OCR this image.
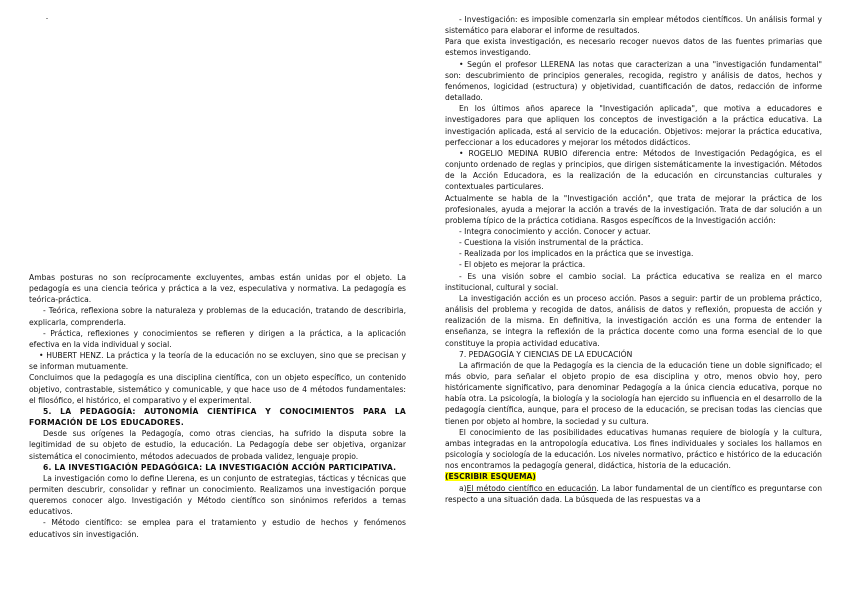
Ambas posturas no son recíprocamente excluyentes, ambas están unidas por el objeto. La pedagogía es una ciencia teórica y práctica a la vez, especulativa y normativa. La pedagogía es teórica-práctica.

- Teórica, reflexiona sobre la naturaleza y problemas de la educación, tratando de describirla, explicarla, comprenderla.

- Práctica, reflexiones y conocimientos se refieren y dirigen a la práctica, a la aplicación efectiva en la vida individual y social.

• HUBERT HENZ. La práctica y la teoría de la educación no se excluyen, sino que se precisan y se informan mutuamente.

Concluimos que la pedagogía es una disciplina científica, con un objeto específico, un contenido objetivo, contrastable, sistemático y comunicable, y que hace uso de 4 métodos fundamentales: el filosófico, el histórico, el comparativo y el experimental.

5. LA PEDAGOGÍA: AUTONOMÍA CIENTÍFICA Y CONOCIMIENTOS PARA LA FORMACIÓN DE LOS EDUCADORES.

Desde sus orígenes la Pedagogía, como otras ciencias, ha sufrido la disputa sobre la legitimidad de su objeto de estudio, la educación. La Pedagogía debe ser objetiva, organizar sistemática el conocimiento, métodos adecuados de probada validez, lenguaje propio.

6. LA INVESTIGACIÓN PEDAGÓGICA: LA INVESTIGACIÓN ACCIÓN PARTICIPATIVA.

La investigación como lo define Llerena, es un conjunto de estrategias, tácticas y técnicas que permiten descubrir, consolidar y refinar un conocimiento. Realizamos una investigación porque queremos conocer algo. Investigación y Método científico son sinónimos referidos a temas educativos.

- Método científico: se emplea para el tratamiento y estudio de hechos y fenómenos educativos sin investigación.

- Investigación: es imposible comenzarla sin emplear métodos científicos. Un análisis formal y sistemático para elaborar el informe de resultados.

Para que exista investigación, es necesario recoger nuevos datos de las fuentes primarias que estemos investigando.

• Según el profesor LLERENA las notas que caracterizan a una "investigación fundamental" son: descubrimiento de principios generales, recogida, registro y análisis de datos, hechos y fenómenos, logicidad (estructura) y objetividad, cuantificación de datos, redacción de informe detallado.

En los últimos años aparece la "Investigación aplicada", que motiva a educadores e investigadores para que apliquen los conceptos de investigación a la práctica educativa. La investigación aplicada, está al servicio de la educación. Objetivos: mejorar la práctica educativa, perfeccionar a los educadores y mejorar los métodos didácticos.

• ROGELIO MEDINA RUBIO diferencia entre: Métodos de Investigación Pedagógica, es el conjunto ordenado de reglas y principios, que dirigen sistemáticamente la investigación. Métodos de la Acción Educadora, es la realización de la educación en circunstancias culturales y contextuales particulares.

Actualmente se habla de la "Investigación acción", que trata de mejorar la práctica de los profesionales, ayuda a mejorar la acción a través de la investigación. Trata de dar solución a un problema típico de la práctica cotidiana. Rasgos específicos de la Investigación acción:

- Integra conocimiento y acción. Conocer y actuar.

- Cuestiona la visión instrumental de la práctica.

- Realizada por los implicados en la práctica que se investiga.

- El objeto es mejorar la práctica.

- Es una visión sobre el cambio social. La práctica educativa se realiza en el marco institucional, cultural y social.

La investigación acción es un proceso acción. Pasos a seguir: partir de un problema práctico, análisis del problema y recogida de datos, análisis de datos y reflexión, propuesta de acción y realización de la misma. En definitiva, la investigación acción es una forma de entender la enseñanza, se integra la reflexión de la práctica docente como una forma esencial de lo que constituye la propia actividad educativa.

7. PEDAGOGÍA Y CIENCIAS DE LA EDUCACIÓN

La afirmación de que la Pedagogía es la ciencia de la educación tiene un doble significado; el más obvio, para señalar el objeto propio de esa disciplina y otro, menos obvio hoy, pero históricamente significativo, para denominar Pedagogía a la única ciencia educativa, porque no había otra. La psicología, la biología y la sociología han ejercido su influencia en el desarrollo de la pedagogía científica, aunque, para el proceso de la educación, se precisan todas las ciencias que tienen por objeto al hombre, la sociedad y su cultura.

El conocimiento de las posibilidades educativas humanas requiere de biología y la cultura, ambas integradas en la antropología educativa. Los fines individuales y sociales los hallamos en psicología y sociología de la educación. Los niveles normativo, práctico e histórico de la educación nos encontramos la pedagogía general, didáctica, historia de la educación.

(ESCRIBIR ESQUEMA)

a)El método científico en educación. La labor fundamental de un científico es preguntarse con respecto a una situación dada. La búsqueda de las respuestas va a
